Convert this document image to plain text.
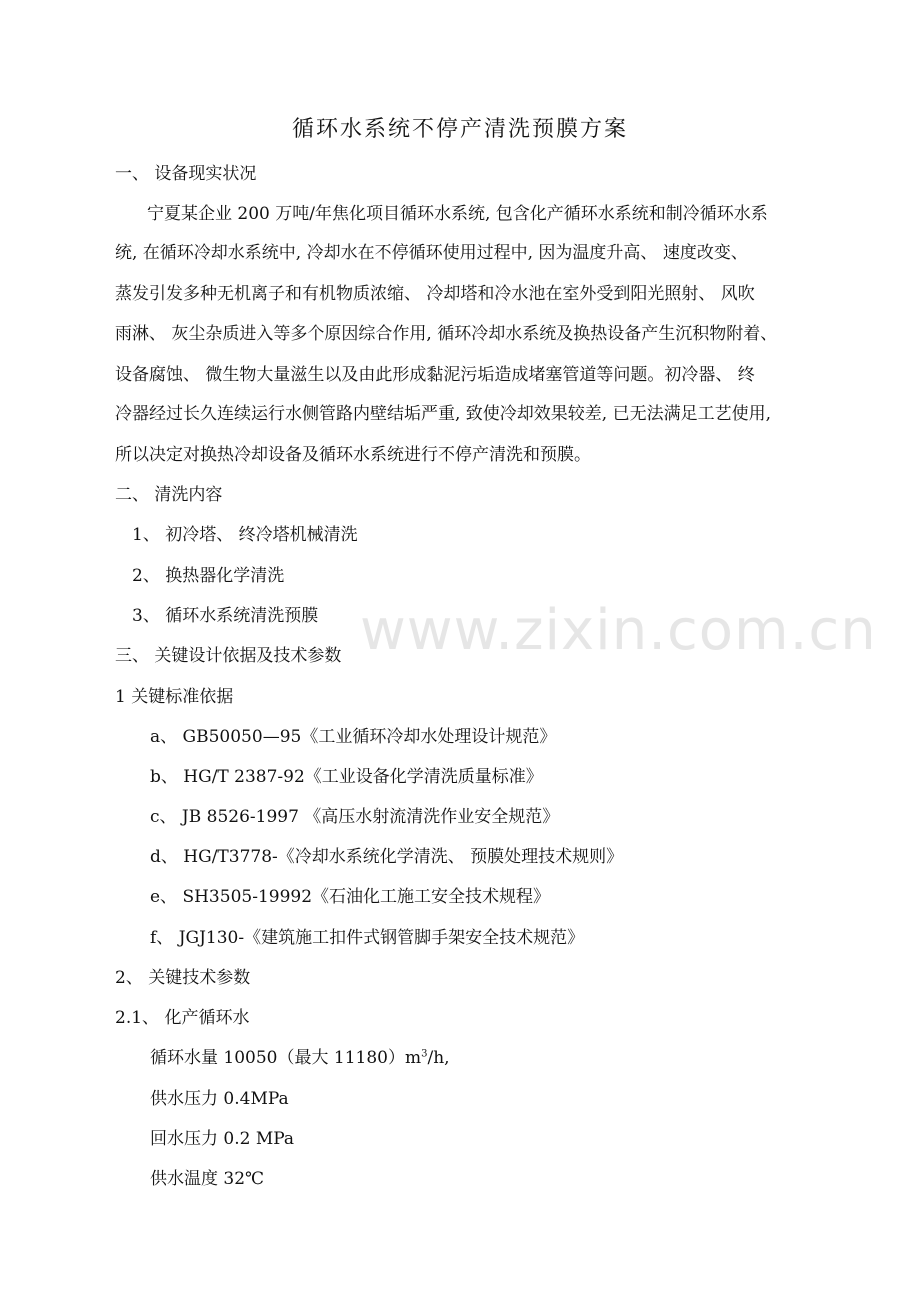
www.zixin.com.cn
循环水系统不停产清洗预膜方案
一、 设备现实状况
宁夏某企业 200 万吨/年焦化项目循环水系统, 包含化产循环水系统和制冷循环水系
统, 在循环冷却水系统中, 冷却水在不停循环使用过程中, 因为温度升高、 速度改变、
蒸发引发多种无机离子和有机物质浓缩、 冷却塔和冷水池在室外受到阳光照射、 风吹
雨淋、 灰尘杂质进入等多个原因综合作用, 循环冷却水系统及换热设备产生沉积物附着、
设备腐蚀、 微生物大量滋生以及由此形成黏泥污垢造成堵塞管道等问题。初冷器、 终
冷器经过长久连续运行水侧管路内壁结垢严重, 致使冷却效果较差, 已无法满足工艺使用,
所以决定对换热冷却设备及循环水系统进行不停产清洗和预膜。
二、 清洗内容
1、 初冷塔、 终冷塔机械清洗
2、 换热器化学清洗
3、 循环水系统清洗预膜
三、 关键设计依据及技术参数
1 关键标准依据
a、 GB50050—95《工业循环冷却水处理设计规范》
b、 HG/T 2387-92《工业设备化学清洗质量标准》
c、 JB 8526-1997 《高压水射流清洗作业安全规范》
d、 HG/T3778-《冷却水系统化学清洗、 预膜处理技术规则》
e、 SH3505-19992《石油化工施工安全技术规程》
f、 JGJ130-《建筑施工扣件式钢管脚手架安全技术规范》
2、 关键技术参数
2.1、 化产循环水
循环水量 10050（最大 $11180)m^3/h$,
供水压力 0.4MPa
回水压力 0.2 MPa
供水温度 32℃
